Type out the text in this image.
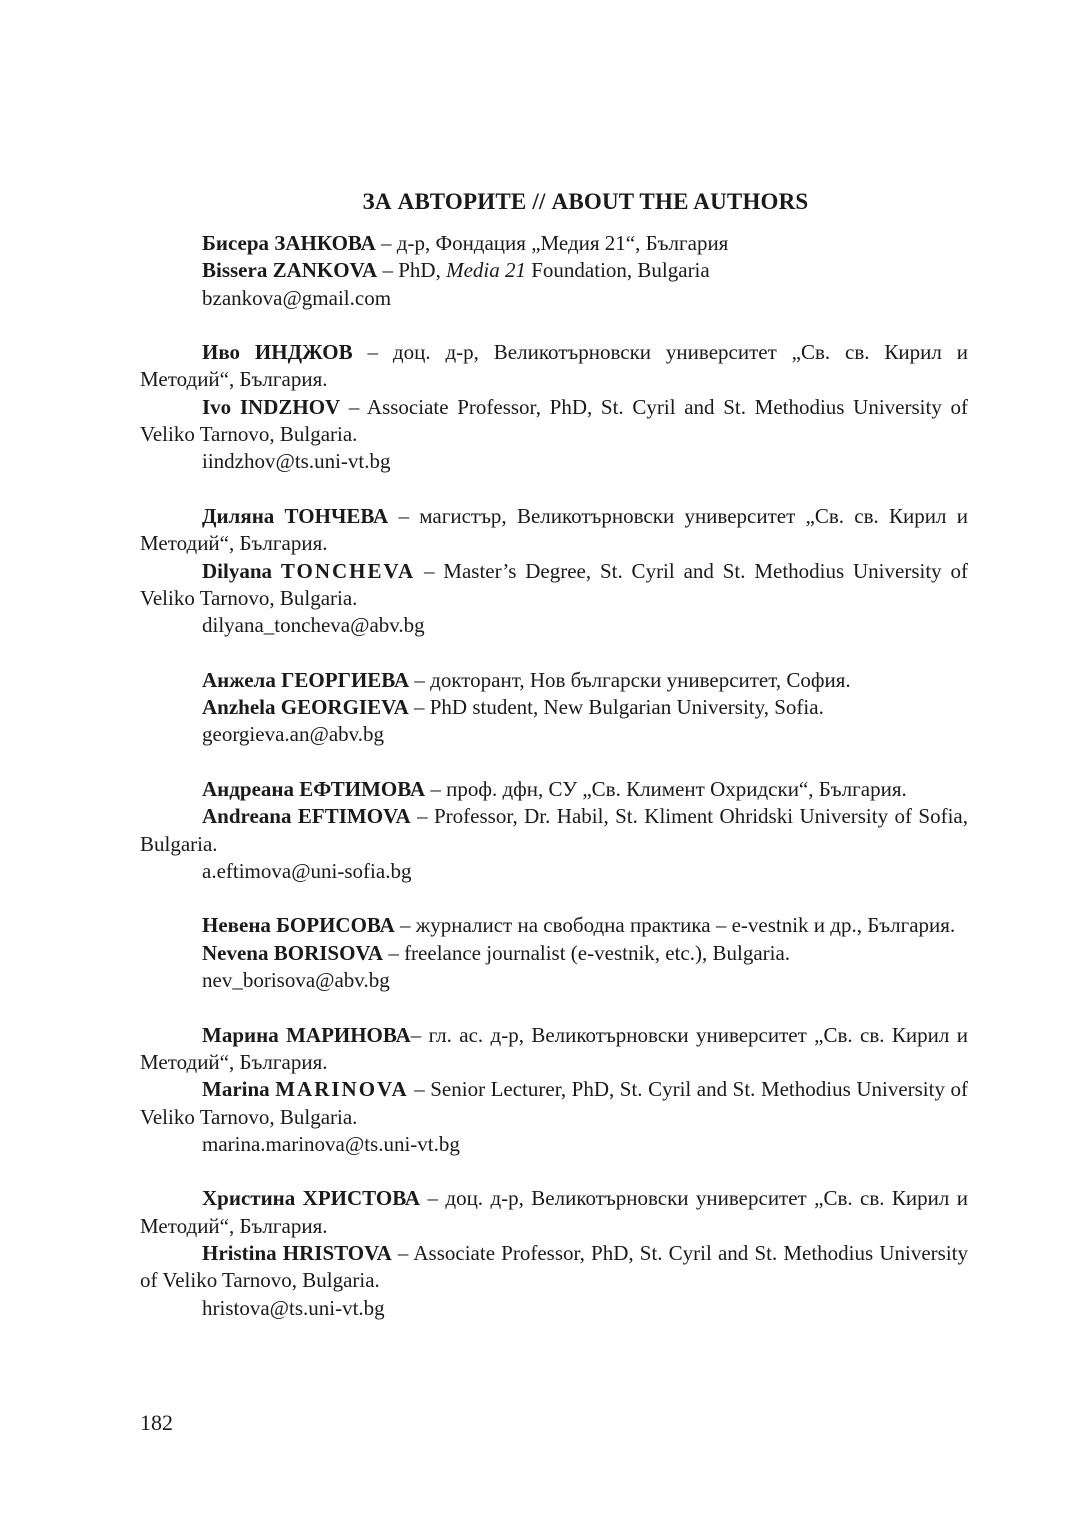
ЗА АВТОРИТЕ // ABOUT THE AUTHORS

Бисера ЗАНКОВА – д-р, Фондация „Медия 21“, България

Bissera ZANKOVA – PhD, Media 21 Foundation, Bulgaria

bzankova@gmail.com

Иво ИНДЖОВ – доц. д-р, Великотърновски университет „Св. св. Кирил и Методий“, България.

Ivo INDZHOV – Associate Professor, PhD, St. Cyril and St. Methodius University of Veliko Tarnovo, Bulgaria.

iindzhov@ts.uni-vt.bg

Диляна ТОНЧЕВА – магистър, Великотърновски университет „Св. св. Кирил и Методий“, България.

Dilyana TONCHEVA – Master’s Degree, St. Cyril and St. Methodius University of Veliko Tarnovo, Bulgaria.

dilyana_toncheva@abv.bg

Анжела ГЕОРГИЕВА – докторант, Нов български университет, София.

Anzhela GEORGIEVA – PhD student, New Bulgarian University, Sofia.

georgieva.an@abv.bg

Андреана ЕФТИМОВА – проф. дфн, СУ „Св. Климент Охридски“, България.

Andreana EFTIMOVA – Professor, Dr. Habil, St. Kliment Ohridski University of Sofia, Bulgaria.

a.eftimova@uni-sofia.bg

Невена БОРИСОВА – журналист на свободна практика – e-vestnik и др., България.

Nevena BORISOVA – freelance journalist (e-vestnik, etc.), Bulgaria.

nev_borisova@abv.bg

Марина МАРИНОВА– гл. ас. д-р, Великотърновски университет „Св. св. Кирил и Методий“, България.

Marina MARINOVA – Senior Lecturer, PhD, St. Cyril and St. Methodius University of Veliko Tarnovo, Bulgaria.

marina.marinova@ts.uni-vt.bg

Христина ХРИСТОВА – доц. д-р, Великотърновски университет „Св. св. Кирил и Методий“, България.

Hristina HRISTOVA – Associate Professor, PhD, St. Cyril and St. Methodius University of Veliko Tarnovo, Bulgaria.

hristova@ts.uni-vt.bg

182
